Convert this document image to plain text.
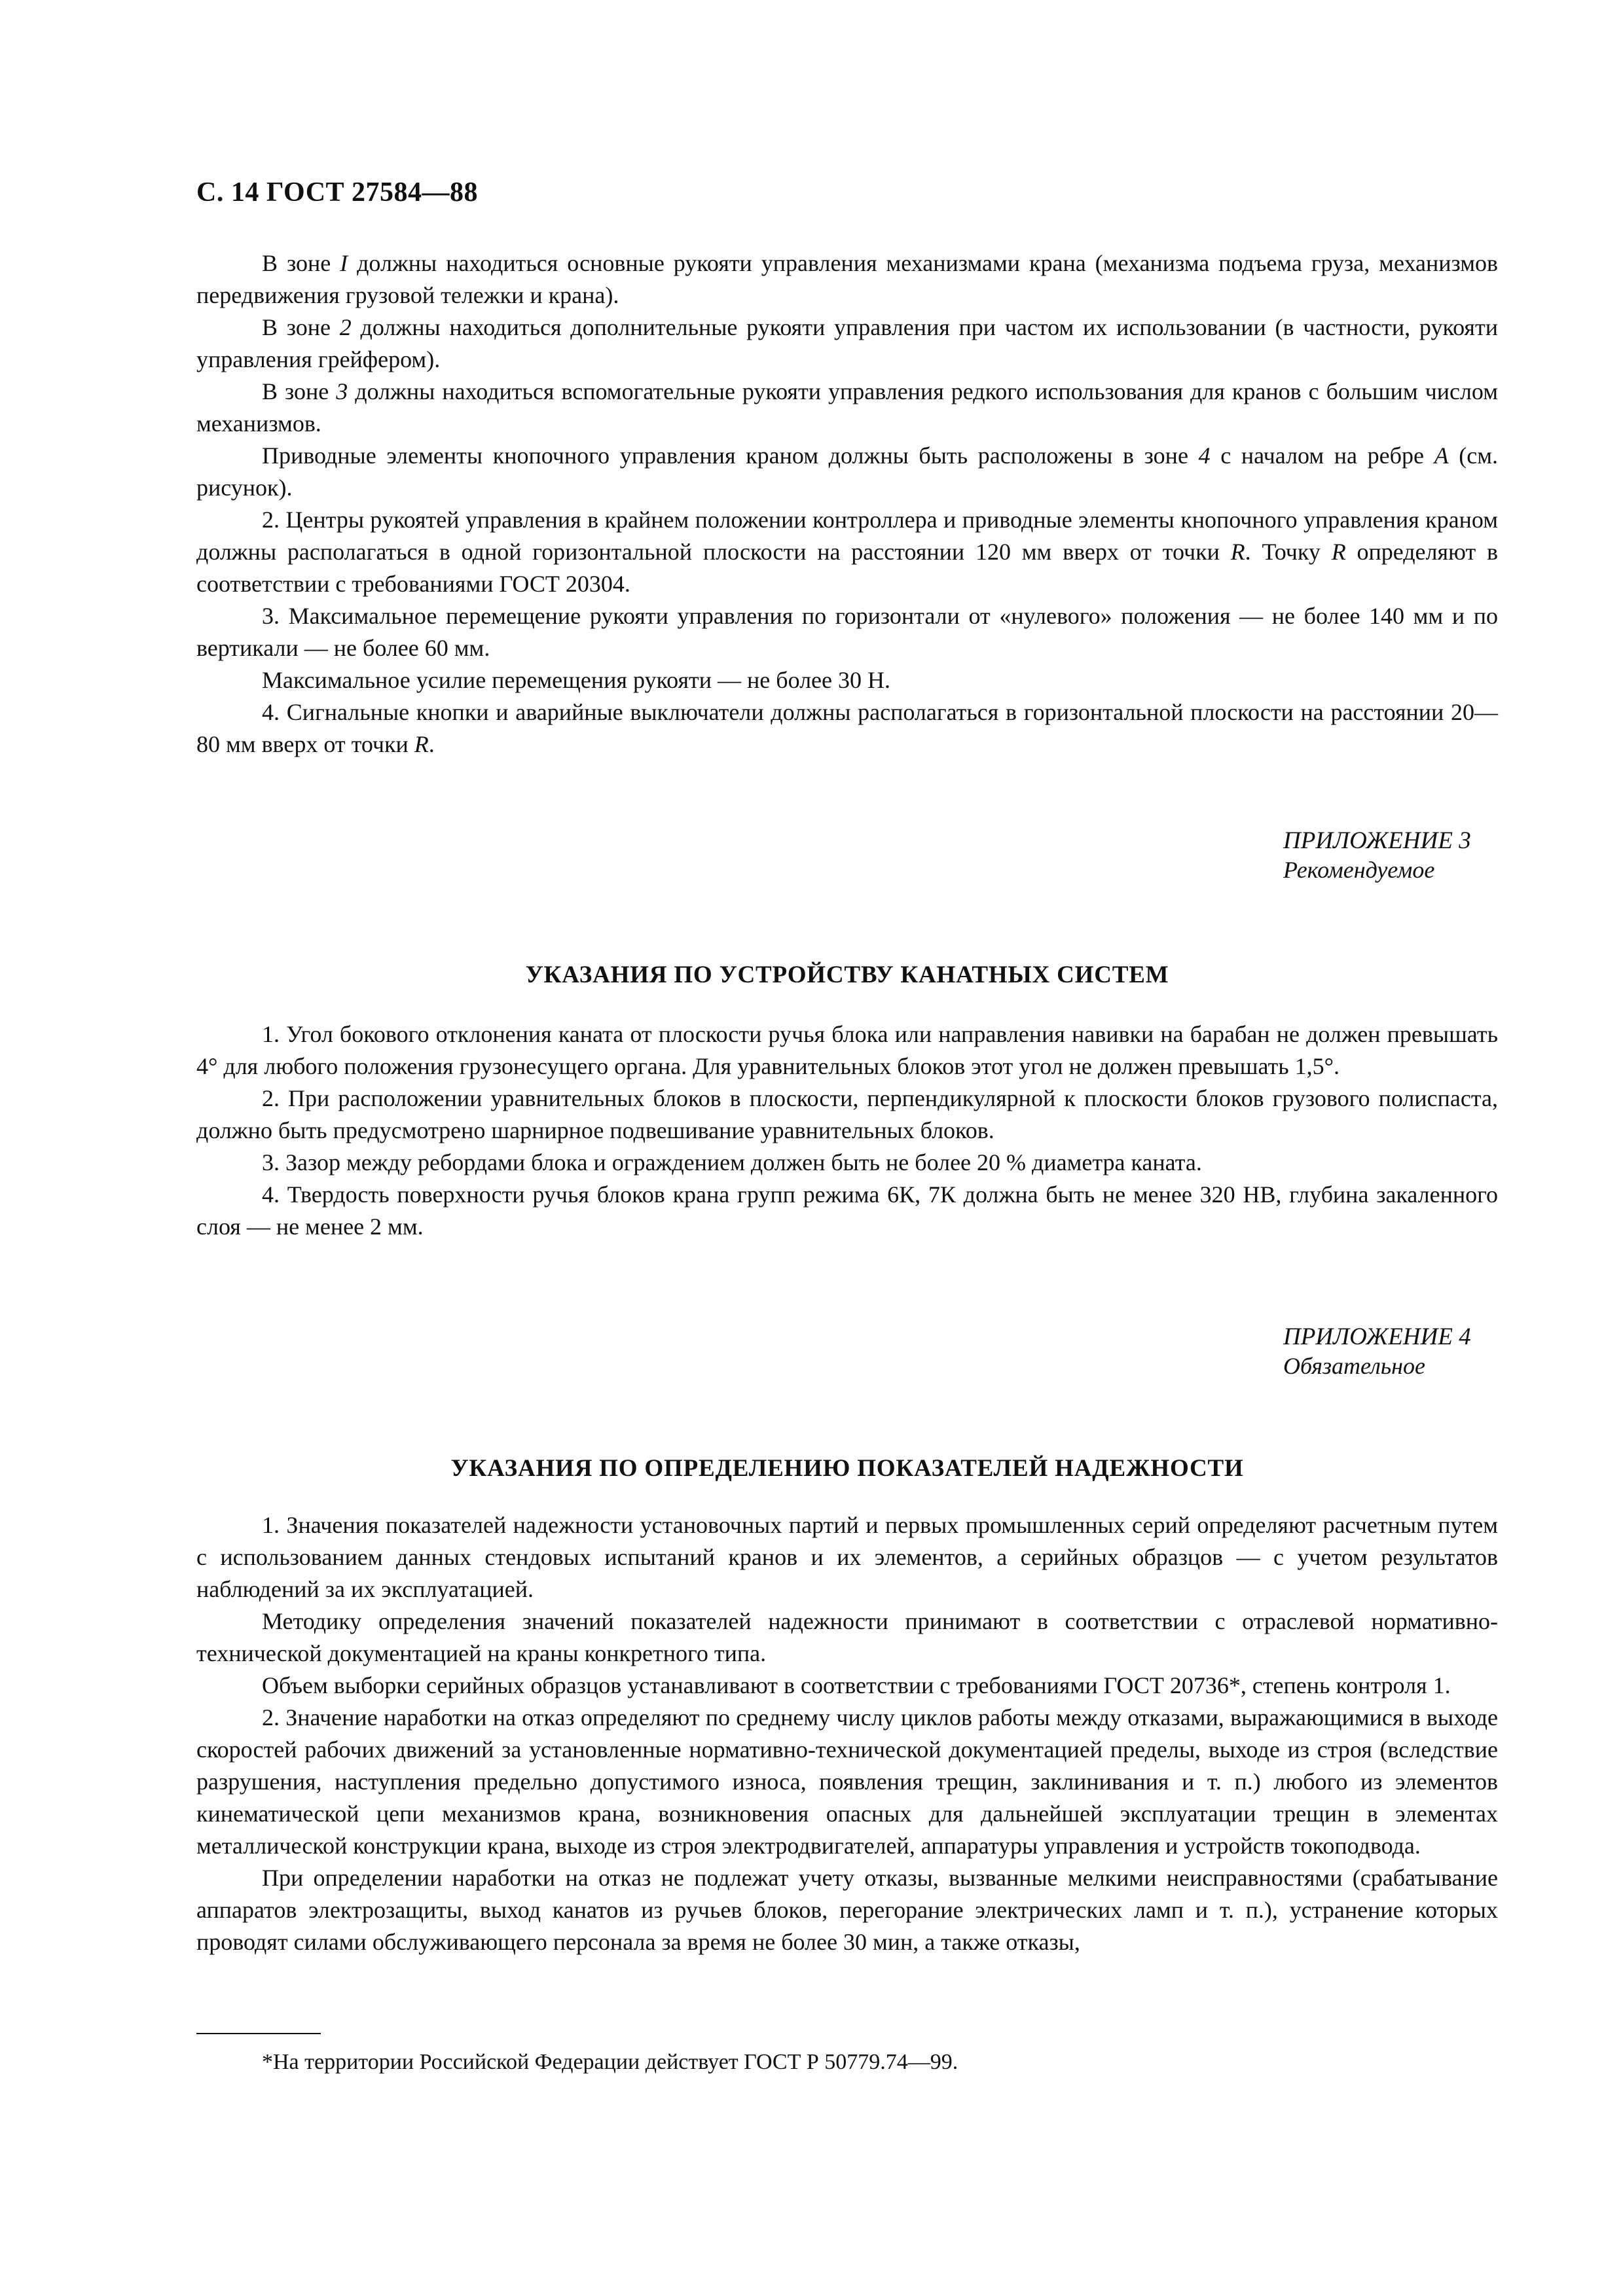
С. 14 ГОСТ 27584—88

В зоне I должны находиться основные рукояти управления механизмами крана (механизма подъема груза, механизмов передвижения грузовой тележки и крана).

В зоне 2 должны находиться дополнительные рукояти управления при частом их использовании (в частности, рукояти управления грейфером).

В зоне 3 должны находиться вспомогательные рукояти управления редкого использования для кранов с большим числом механизмов.

Приводные элементы кнопочного управления краном должны быть расположены в зоне 4 с началом на ребре А (см. рисунок).

2. Центры рукоятей управления в крайнем положении контроллера и приводные элементы кнопочного управления краном должны располагаться в одной горизонтальной плоскости на расстоянии 120 мм вверх от точки R. Точку R определяют в соответствии с требованиями ГОСТ 20304.

3. Максимальное перемещение рукояти управления по горизонтали от «нулевого» положения — не более 140 мм и по вертикали — не более 60 мм.

Максимальное усилие перемещения рукояти — не более 30 Н.

4. Сигнальные кнопки и аварийные выключатели должны располагаться в горизонтальной плоскости на расстоянии 20—80 мм вверх от точки R.

ПРИЛОЖЕНИЕ 3
Рекомендуемое
УКАЗАНИЯ ПО УСТРОЙСТВУ КАНАТНЫХ СИСТЕМ

1. Угол бокового отклонения каната от плоскости ручья блока или направления навивки на барабан не должен превышать 4° для любого положения грузонесущего органа. Для уравнительных блоков этот угол не должен превышать 1,5°.

2. При расположении уравнительных блоков в плоскости, перпендикулярной к плоскости блоков грузового полиспаста, должно быть предусмотрено шарнирное подвешивание уравнительных блоков.

3. Зазор между ребордами блока и ограждением должен быть не более 20 % диаметра каната.

4. Твердость поверхности ручья блоков крана групп режима 6К, 7К должна быть не менее 320 НВ, глубина закаленного слоя — не менее 2 мм.

ПРИЛОЖЕНИЕ 4
Обязательное
УКАЗАНИЯ ПО ОПРЕДЕЛЕНИЮ ПОКАЗАТЕЛЕЙ НАДЕЖНОСТИ

1. Значения показателей надежности установочных партий и первых промышленных серий определяют расчетным путем с использованием данных стендовых испытаний кранов и их элементов, а серийных образцов — с учетом результатов наблюдений за их эксплуатацией.

Методику определения значений показателей надежности принимают в соответствии с отраслевой нормативно-технической документацией на краны конкретного типа.

Объем выборки серийных образцов устанавливают в соответствии с требованиями ГОСТ 20736*, степень контроля 1.

2. Значение наработки на отказ определяют по среднему числу циклов работы между отказами, выражающимися в выходе скоростей рабочих движений за установленные нормативно-технической документацией пределы, выходе из строя (вследствие разрушения, наступления предельно допустимого износа, появления трещин, заклинивания и т. п.) любого из элементов кинематической цепи механизмов крана, возникновения опасных для дальнейшей эксплуатации трещин в элементах металлической конструкции крана, выходе из строя электродвигателей, аппаратуры управления и устройств токоподвода.

При определении наработки на отказ не подлежат учету отказы, вызванные мелкими неисправностями (срабатывание аппаратов электрозащиты, выход канатов из ручьев блоков, перегорание электрических ламп и т. п.), устранение которых проводят силами обслуживающего персонала за время не более 30 мин, а также отказы,

*На территории Российской Федерации действует ГОСТ Р 50779.74—99.
